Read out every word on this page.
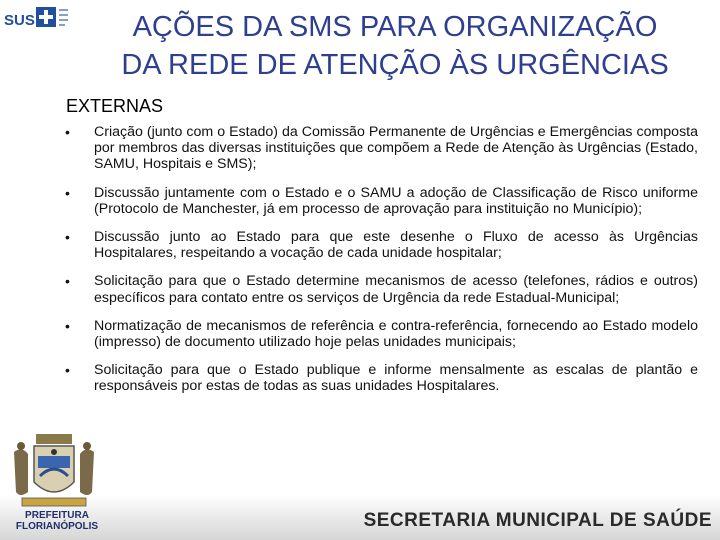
SUS	AÇÕES DA SMS PARA ORGANIZAÇÃO
DA REDE DE ATENÇÃO ÀS URGÊNCIAS
EXTERNAS
• Criação (junto com o Estado) da Comissão Permanente de Urgências e Emergências composta por membros das diversas instituições que compõem a Rede de Atenção às Urgências (Estado, SAMU, Hospitais e SMS);
• Discussão juntamente com o Estado e o SAMU a adoção de Classificação de Risco uniforme (Protocolo de Manchester, já em processo de aprovação para instituição no Município);
• Discussão junto ao Estado para que este desenhe o Fluxo de acesso às Urgências Hospitalares, respeitando a vocação de cada unidade hospitalar;
• Solicitação para que o Estado determine mecanismos de acesso (telefones, rádios e outros) específicos para contato entre os serviços de Urgência da rede Estadual-Municipal;
• Normatização de mecanismos de referência e contra-referência, fornecendo ao Estado modelo (impresso) de documento utilizado hoje pelas unidades municipais;
• Solicitação para que o Estado publique e informe mensalmente as escalas de plantão e responsáveis por estas de todas as suas unidades Hospitalares.
SECRETARIA MUNICIPAL DE SAÚDE
PREFEITURA
FLORIANÓPOLIS
